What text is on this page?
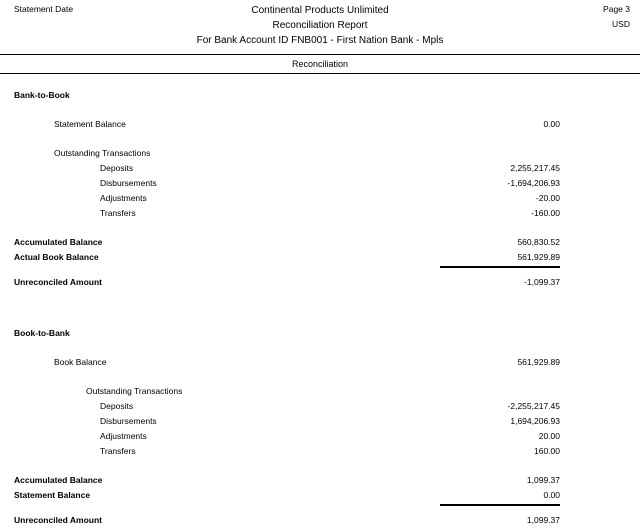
Statement Date	Page 3
USD
Continental Products Unlimited
Reconciliation Report
For Bank Account ID FNB001 - First Nation Bank - Mpls
Reconciliation
Bank-to-Book
Statement Balance	0.00
Outstanding Transactions
Deposits	2,255,217.45
Disbursements	-1,694,206.93
Adjustments	-20.00
Transfers	-160.00
Accumulated Balance	560,830.52
Actual Book Balance	561,929.89
Unreconciled Amount	-1,099.37
Book-to-Bank
Book Balance	561,929.89
Outstanding Transactions
Deposits	-2,255,217.45
Disbursements	1,694,206.93
Adjustments	20.00
Transfers	160.00
Accumulated Balance	1,099.37
Statement Balance	0.00
Unreconciled Amount	1,099.37
